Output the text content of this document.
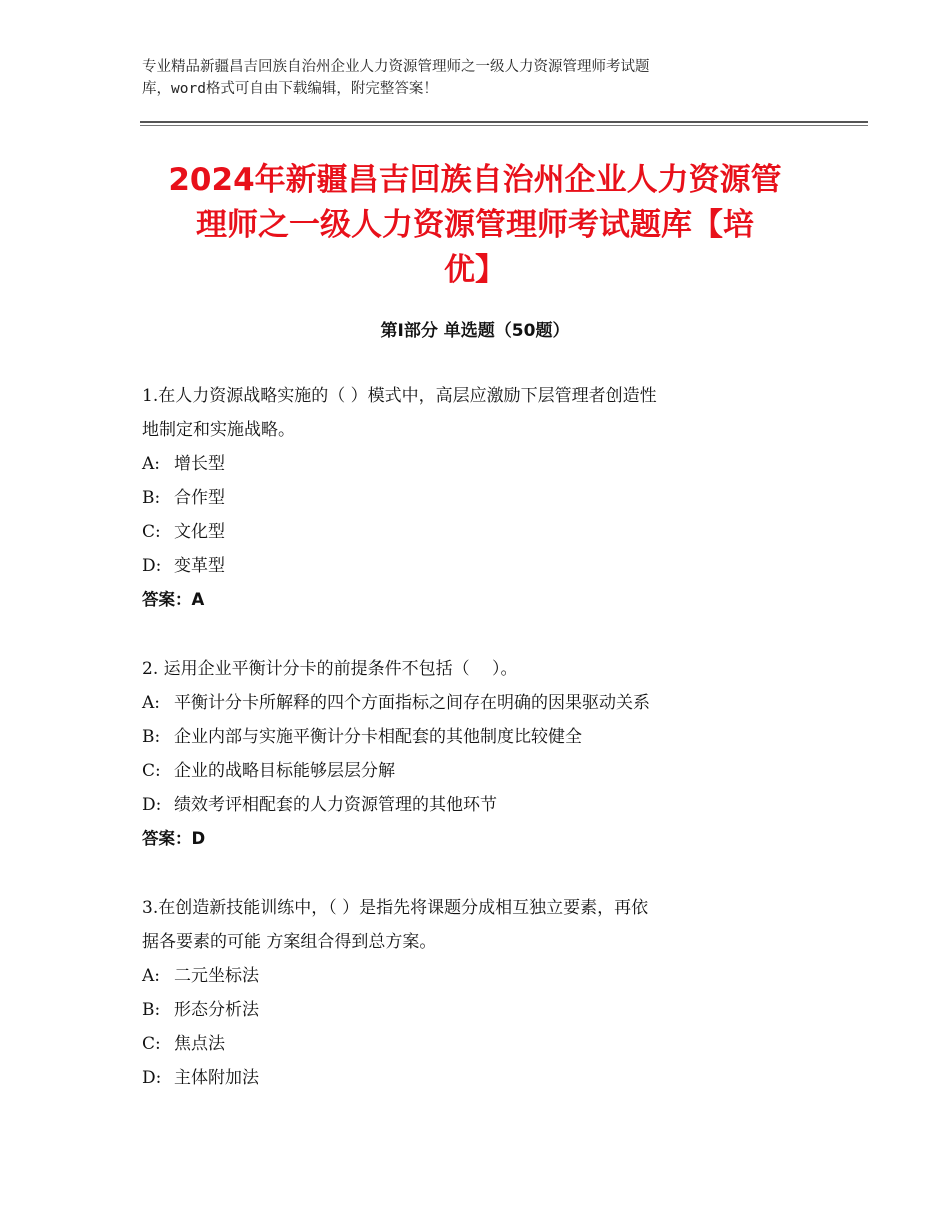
专业精品新疆昌吉回族自治州企业人力资源管理师之一级人力资源管理师考试题
库，word格式可自由下载编辑，附完整答案！
2024年新疆昌吉回族自治州企业人力资源管
理师之一级人力资源管理师考试题库【培
优】
第Ⅰ部分 单选题（50题）
1.在人力资源战略实施的（ ）模式中，高层应激励下层管理者创造性
地制定和实施战略。
A: 增长型
B: 合作型
C: 文化型
D: 变革型
答案：A
2. 运用企业平衡计分卡的前提条件不包括（　 ）。
A: 平衡计分卡所解释的四个方面指标之间存在明确的因果驱动关系
B: 企业内部与实施平衡计分卡相配套的其他制度比较健全
C: 企业的战略目标能够层层分解
D: 绩效考评相配套的人力资源管理的其他环节
答案：D
3.在创造新技能训练中，（ ）是指先将课题分成相互独立要素，再依
据各要素的可能 方案组合得到总方案。
A: 二元坐标法
B: 形态分析法
C: 焦点法
D: 主体附加法
